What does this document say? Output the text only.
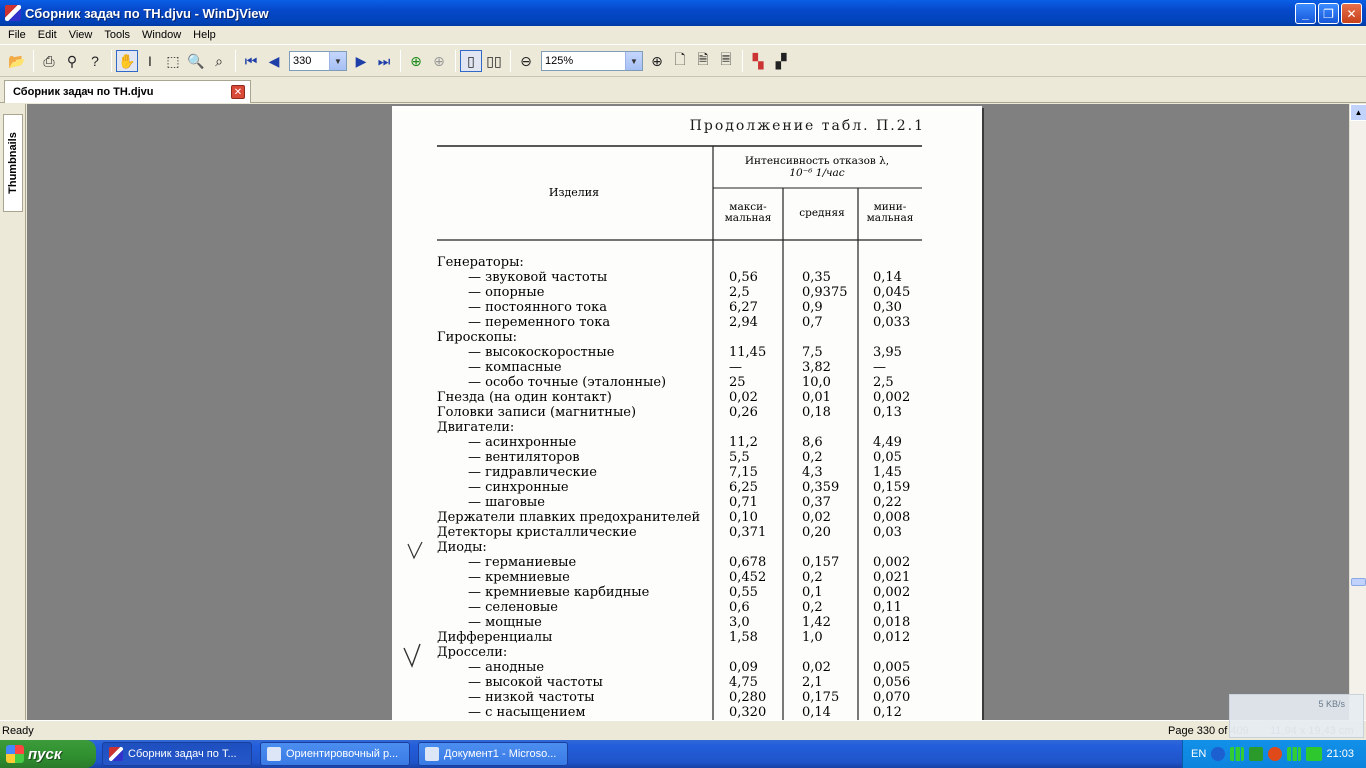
Сборник задач по TH.djvu - WinDjView	_	❐	✕
File	Edit	View	Tools	Window	Help
📂	⎙ ⚲ ?	✋ I	⬚ 🔍 ⌕	⏮ ◀	330	▼ ▶ ⏭	⊕ ⊕	▯ ▯▯	⊖	125%	▼ ⊕ 🗋 🗎 🗏	▚ ▞
Сборник задач по TH.djvu	✕
Thumbnails
Продолжение табл. П.2.1
Изделия
Интенсивность отказов λ,
10⁻⁶ 1/час
макси-
мальная	средняя	мини-
мальная
Генераторы:
— звуковой частоты	0,56	0,35	0,14
— опорные	2,5	0,9375 0,045
— постоянного тока	6,27	0,9	0,30
— переменного тока	2,94	0,7	0,033
Гироскопы:
— высокоскоростные	11,45	7,5	3,95
— компасные	—	3,82	—
— особо точные (эталонные)	25	10,0	2,5
Гнезда (на один контакт)	0,02	0,01	0,002
Головки записи (магнитные)	0,26	0,18	0,13
Двигатели:
— асинхронные	11,2	8,6	4,49
— вентиляторов	5,5	0,2	0,05
— гидравлические	7,15	4,3	1,45
— синхронные	6,25	0,359	0,159
— шаговые	0,71	0,37	0,22
Держатели плавких предохранителей 0,10	0,02	0,008
Детекторы кристаллические	0,371	0,20	0,03
Диоды:
— германиевые	0,678	0,157	0,002
— кремниевые	0,452	0,2	0,021
— кремниевые карбидные	0,55	0,1	0,002
— селеновые	0,6	0,2	0,11
— мощные	3,0	1,42	0,018
Дифференциалы	1,58	1,0	0,012
Дроссели:
— анодные	0,09	0,02	0,005
— высокой частоты	4,75	2,1	0,056
— низкой частоты	0,280	0,175	0,070
— с насыщением	0,320	0,14	0,12
▲
Ready	Page 330 of
5 KB/s
пуск	Сборник задач по Т...	Ориентировочный р...	Документ1 - Microso...	EN	21:03
